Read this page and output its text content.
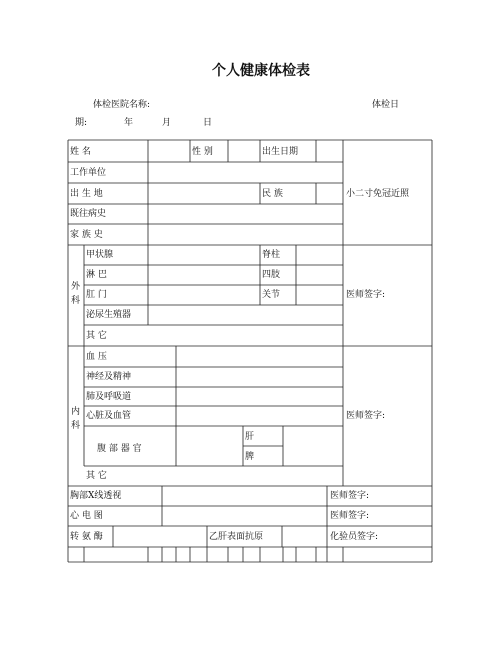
个人健康体检表
体检医院名称:	体检日
期:	年	月	日
姓 名	性 别	出生日期
工作单位
出 生 地	民 族	小二寸免冠近照
既往病史
家 族 史
外
科
甲状腺	脊柱
淋 巴	四肢
肛 门	关节	医师签字:
泌尿生殖器
其 它
内
科
血 压
神经及精神
肺及呼吸道
心脏及血管	医师签字:
腹 部 器 官
肝
脾
其 它
胸部X线透视	医师签字:
心 电 图	医师签字:
转 氨 酶	乙肝表面抗原	化验员签字:
